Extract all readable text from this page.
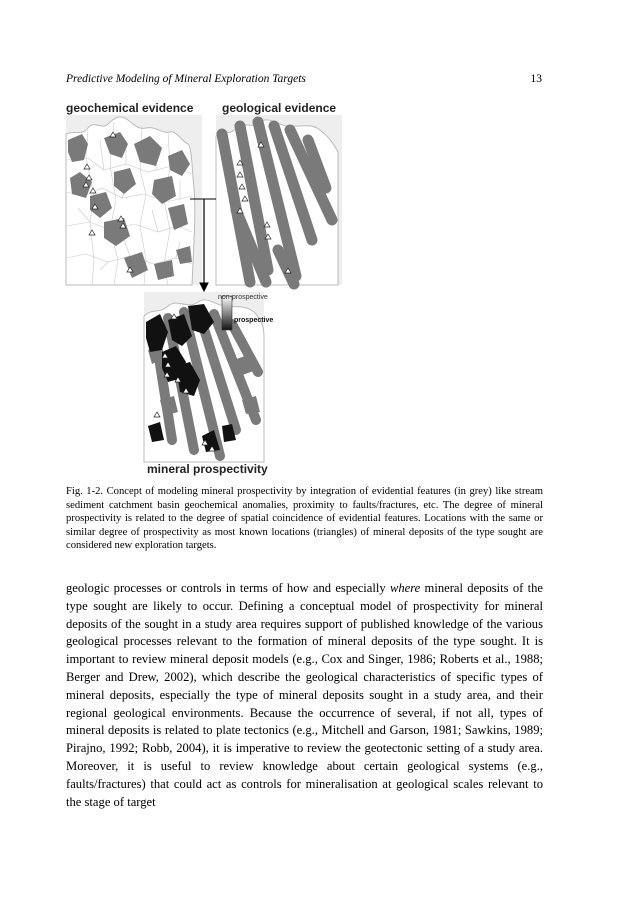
Predictive Modeling of Mineral Exploration Targets	13
geochemical evidence geological evidence
mineral prospectivity
non-prospective
prospective

Fig. 1-2. Concept of modeling mineral prospectivity by integration of evidential features (in grey) like stream sediment catchment basin geochemical anomalies, proximity to faults/fractures, etc. The degree of mineral prospectivity is related to the degree of spatial coincidence of evidential features. Locations with the same or similar degree of prospectivity as most known locations (triangles) of mineral deposits of the type sought are considered new exploration targets.

geologic processes or controls in terms of how and especially where mineral deposits of the type sought are likely to occur. Defining a conceptual model of prospectivity for mineral deposits of the sought in a study area requires support of published knowledge of the various geological processes relevant to the formation of mineral deposits of the type sought. It is important to review mineral deposit models (e.g., Cox and Singer, 1986; Roberts et al., 1988; Berger and Drew, 2002), which describe the geological characteristics of specific types of mineral deposits, especially the type of mineral deposits sought in a study area, and their regional geological environments. Because the occurrence of several, if not all, types of mineral deposits is related to plate tectonics (e.g., Mitchell and Garson, 1981; Sawkins, 1989; Pirajno, 1992; Robb, 2004), it is imperative to review the geotectonic setting of a study area. Moreover, it is useful to review knowledge about certain geological systems (e.g., faults/fractures) that could act as controls for mineralisation at geological scales relevant to the stage of target
